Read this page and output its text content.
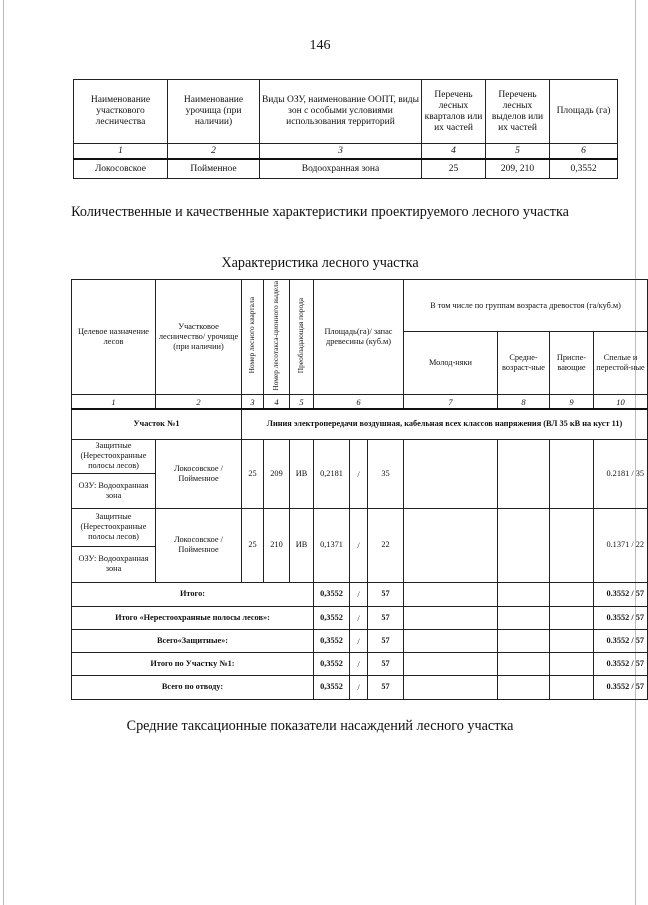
146
Наименование участкового лесничества	Наименование урочища (при наличии)	Виды ОЗУ, наименование ООПТ, виды зон с особыми условиями использования территорий	Перечень лесных кварталов или их частей	Перечень лесных выделов или их частей	Площадь (га)
1	2	3	4	5	6
Локосовское	Пойменное	Водоохранная зона	25	209, 210	0,3552
Количественные и качественные характеристики проектируемого лесного участка
Характеристика лесного участка
Целевое назначение лесов	Участковое лесничество/ урочище (при наличии)	Номер лесного квартала	Номер лесотакса-ционного выдела	Преобладающая порода	Площадь(га)/ запас древесины (куб.м)			В том числе по группам возраста древостоя (га/куб.м)			
								Молод-няки	Средне-возраст-ные	Приспе-вающие	Спелые и перестой-ные
1	2	3	4	5	6			7	8	9	10
Участок №1		Линия электропередачи воздушная, кабельная всех классов напряжения (ВЛ 35 кВ на куст 11)									
Защитные (Нерестоохранные полосы лесов)	Локосовское / Пойменное	25	209	ИВ	0,2181	/	35				0.2181 / 35
ОЗУ: Водоохранная зона											
Защитные (Нерестоохранные полосы лесов)	Локосовское / Пойменное	25	210	ИВ	0,1371	/	22				0.1371 / 22
ОЗУ: Водоохранная зона											
Итого:					0,3552	/	57				0.3552 / 57
Итого «Нерестоохранные полосы лесов»:					0,3552	/	57				0.3552 / 57
Всего«Защитные»:					0,3552	/	57				0.3552 / 57
Итого по Участку №1:					0,3552	/	57				0.3552 / 57
Всего по отводу:					0,3552	/	57				0.3552 / 57
Средние таксационные показатели насаждений лесного участка
